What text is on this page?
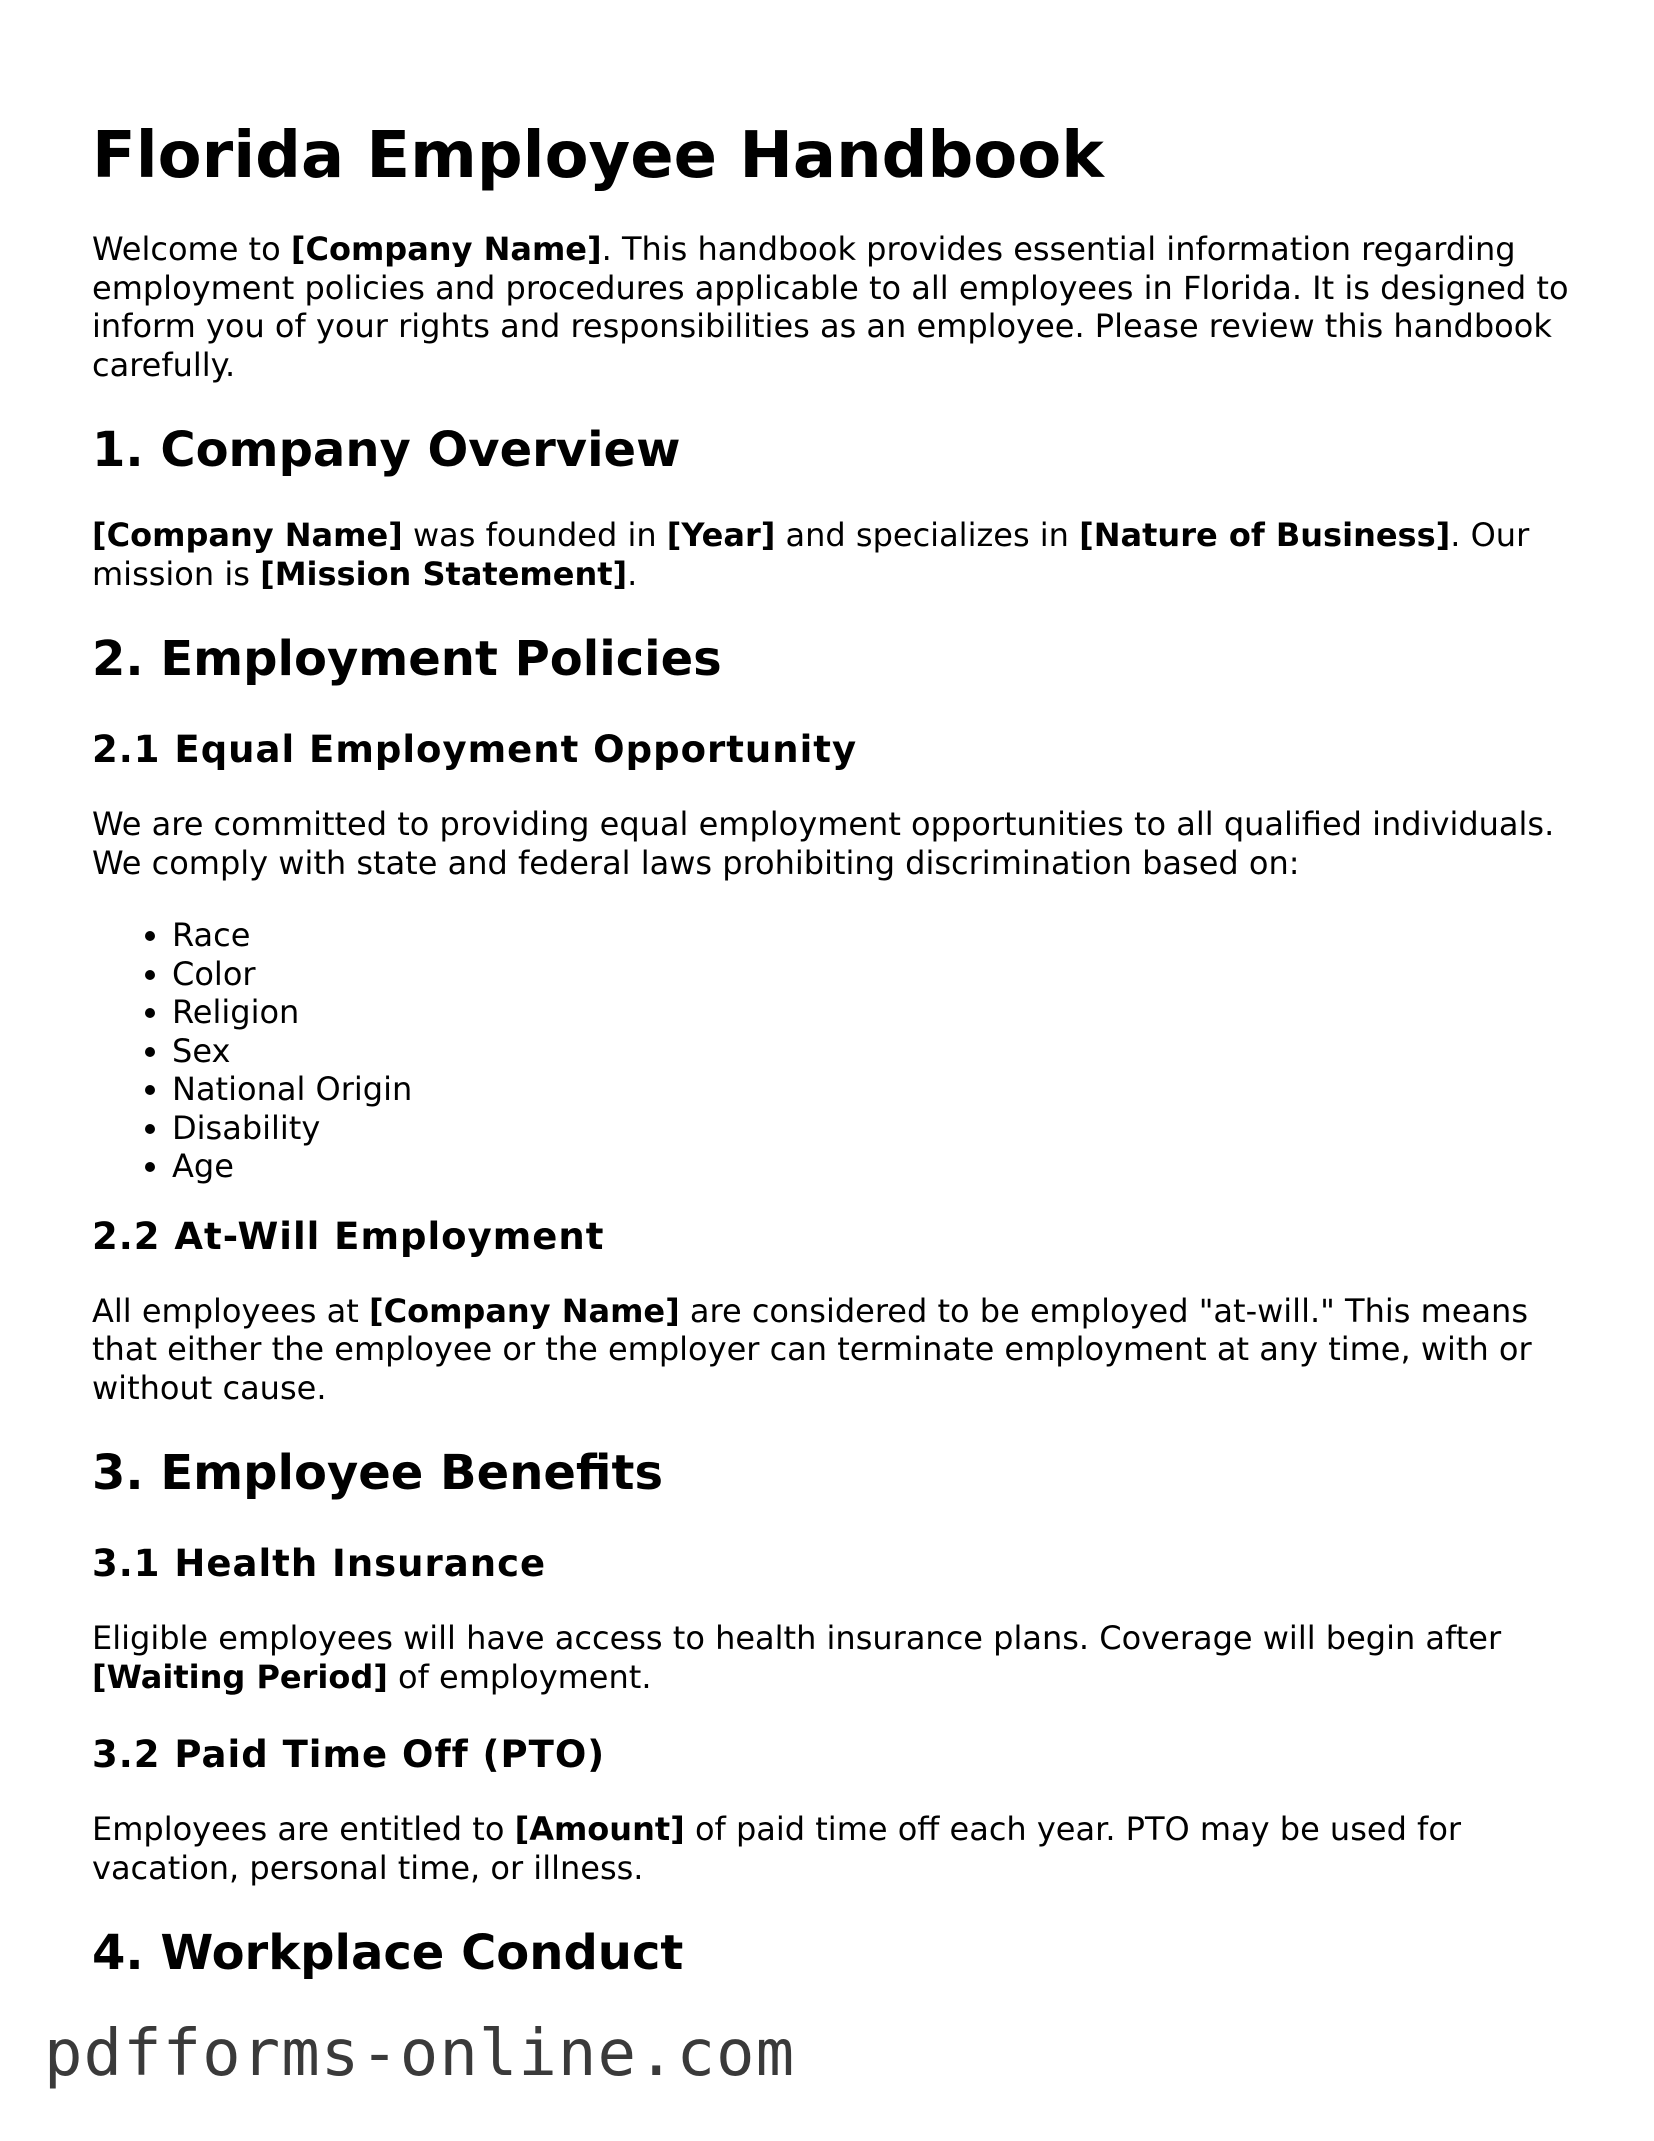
Florida Employee Handbook

Welcome to [Company Name]. This handbook provides essential information regarding employment policies and procedures applicable to all employees in Florida. It is designed to inform you of your rights and responsibilities as an employee. Please review this handbook carefully.

1. Company Overview

[Company Name] was founded in [Year] and specializes in [Nature of Business]. Our mission is [Mission Statement].

2. Employment Policies
2.1 Equal Employment Opportunity

We are committed to providing equal employment opportunities to all qualified individuals. We comply with state and federal laws prohibiting discrimination based on:

• Race
• Color
• Religion
• Sex
• National Origin
• Disability
• Age
2.2 At-Will Employment

All employees at [Company Name] are considered to be employed "at-will." This means that either the employee or the employer can terminate employment at any time, with or without cause.

3. Employee Benefits
3.1 Health Insurance

Eligible employees will have access to health insurance plans. Coverage will begin after [Waiting Period] of employment.

3.2 Paid Time Off (PTO)

Employees are entitled to [Amount] of paid time off each year. PTO may be used for vacation, personal time, or illness.

4. Workplace Conduct
pdfforms-online.com
